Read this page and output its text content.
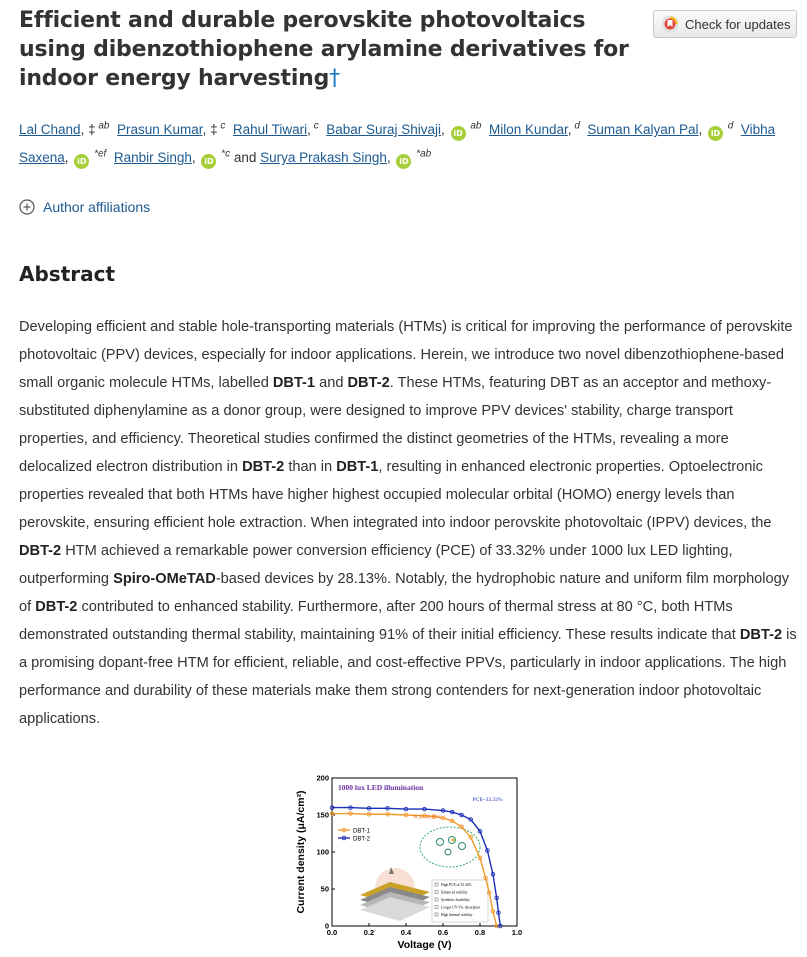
Efficient and durable perovskite photovoltaics using dibenzothiophene arylamine derivatives for indoor energy harvesting†
Check for updates

Lal Chand, ‡ $^{ab}$ Prasun Kumar, ‡ $^c$ Rahul Tiwari, $^c$ Babar Suraj Shivaji, iD $^{ab}$ Milon Kundar, $^d$ Suman Kalyan Pal, iD $^d$ Vibha Saxena, iD $^{*ef}$ Ranbir Singh, iD $^{*c}$ and Surya Prakash Singh, iD $^{*ab}$

Author affiliations
Abstract

Developing efficient and stable hole-transporting materials (HTMs) is critical for improving the performance of perovskite photovoltaic (PPV) devices, especially for indoor applications. Herein, we introduce two novel dibenzothiophene-based small organic molecule HTMs, labelled DBT-1 and DBT-2. These HTMs, featuring DBT as an acceptor and methoxy-substituted diphenylamine as a donor group, were designed to improve PPV devices' stability, charge transport properties, and efficiency. Theoretical studies confirmed the distinct geometries of the HTMs, revealing a more delocalized electron distribution in DBT-2 than in DBT-1, resulting in enhanced electronic properties. Optoelectronic properties revealed that both HTMs have higher highest occupied molecular orbital (HOMO) energy levels than perovskite, ensuring efficient hole extraction. When integrated into indoor perovskite photovoltaic (IPPV) devices, the DBT-2 HTM achieved a remarkable power conversion efficiency (PCE) of 33.32% under 1000 lux LED lighting, outperforming Spiro-OMeTAD-based devices by 28.13%. Notably, the hydrophobic nature and uniform film morphology of DBT-2 contributed to enhanced stability. Furthermore, after 200 hours of thermal stress at 80 °C, both HTMs demonstrated outstanding thermal stability, maintaining 91% of their initial efficiency. These results indicate that DBT-2 is a promising dopant-free HTM for efficient, reliable, and cost-effective PPVs, particularly in indoor applications. The high performance and durability of these materials make them strong contenders for next-generation indoor photovoltaic applications.

High PCE of 33.32%
Enhanced stability
Synthetic feasibility
Longer UV-Vis. absorption
High thermal stability
0.0	0.2	0.4	0.6	0.8	1.0
0
50
100
150
200
Voltage (V)
Current density (μA/cm²)
1000 lux LED illumination
DBT-1
DBT-2
PCE~33.32%
PCE~30.85%
